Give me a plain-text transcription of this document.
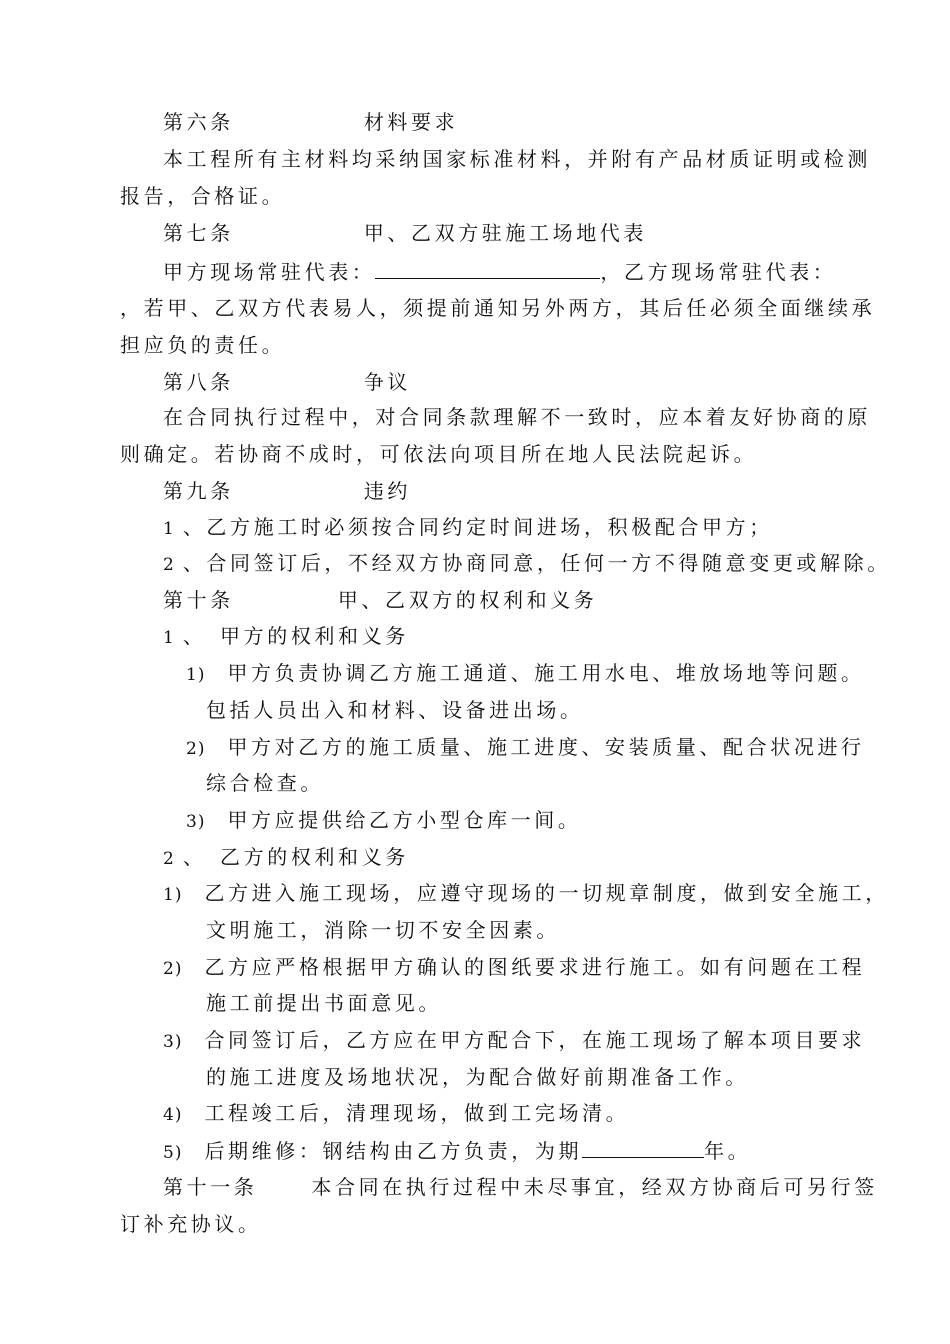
第六条	材料要求
本工程所有主材料均采纳国家标准材料，并附有产品材质证明或检测
报告，合格证。
第七条	甲、乙双方驻施工场地代表
甲方现场常驻代表：	，乙方现场常驻代表：
，若甲、乙双方代表易人，须提前通知另外两方，其后任必须全面继续承
担应负的责任。
第八条	争议
在合同执行过程中，对合同条款理解不一致时，应本着友好协商的原
则确定。若协商不成时，可依法向项目所在地人民法院起诉。
第九条	违约
1 、乙方施工时必须按合同约定时间进场，积极配合甲方；
2 、合同签订后，不经双方协商同意，任何一方不得随意变更或解除。
第十条	甲、乙双方的权利和义务
1 、　甲方的权利和义务
1) 甲方负责协调乙方施工通道、施工用水电、堆放场地等问题。
包括人员出入和材料、设备进出场。
2) 甲方对乙方的施工质量、施工进度、安装质量、配合状况进行
综合检查。
3) 甲方应提供给乙方小型仓库一间。
2 、　乙方的权利和义务
1) 乙方进入施工现场，应遵守现场的一切规章制度，做到安全施工，
文明施工，消除一切不安全因素。
2) 乙方应严格根据甲方确认的图纸要求进行施工。如有问题在工程
施工前提出书面意见。
3) 合同签订后，乙方应在甲方配合下，在施工现场了解本项目要求
的施工进度及场地状况，为配合做好前期准备工作。
4) 工程竣工后，清理现场，做到工完场清。
5) 后期维修：钢结构由乙方负责，为期	年。
第十一条	本合同在执行过程中未尽事宜，经双方协商后可另行签
订补充协议。
